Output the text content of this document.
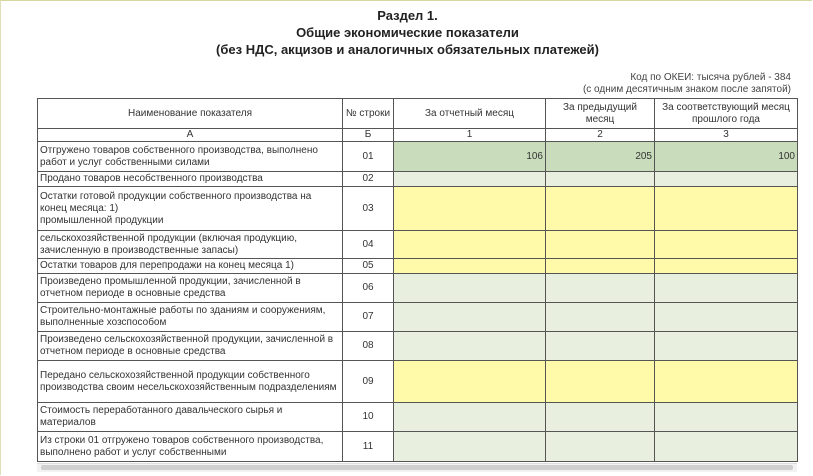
Раздел 1.
Общие экономические показатели
(без НДС, акцизов и аналогичных обязательных платежей)
Код по ОКЕИ: тысяча рублей - 384
(с одним десятичным знаком после запятой)
Наименование показателя	№ строки	За отчетный месяц	За предыдущий месяц	За соответствующий месяц прошлого года
А	Б	1	2	3
Отгружено товаров собственного производства, выполнено работ и услуг собственными силами	01	106	205	100
Продано товаров несобственного производства	02			
Остатки готовой продукции собственного производства на конец месяца: 1)
промышленной продукции	03			
сельскохозяйственной продукции (включая продукцию,
зачисленную в производственные запасы)	04			
Остатки товаров для перепродажи на конец месяца 1)	05			
Произведено промышленной продукции, зачисленной в отчетном периоде в основные средства	06			
Строительно-монтажные работы по зданиям и сооружениям, выполненные хозспособом	07			
Произведено сельскохозяйственной продукции, зачисленной в отчетном периоде в основные средства	08			
Передано сельскохозяйственной продукции собственного производства своим несельскохозяйственным подразделениям	09			
Стоимость переработанного давальческого сырья и материалов	10			
Из строки 01 отгружено товаров собственного производства, выполнено работ и услуг собственными	11			
